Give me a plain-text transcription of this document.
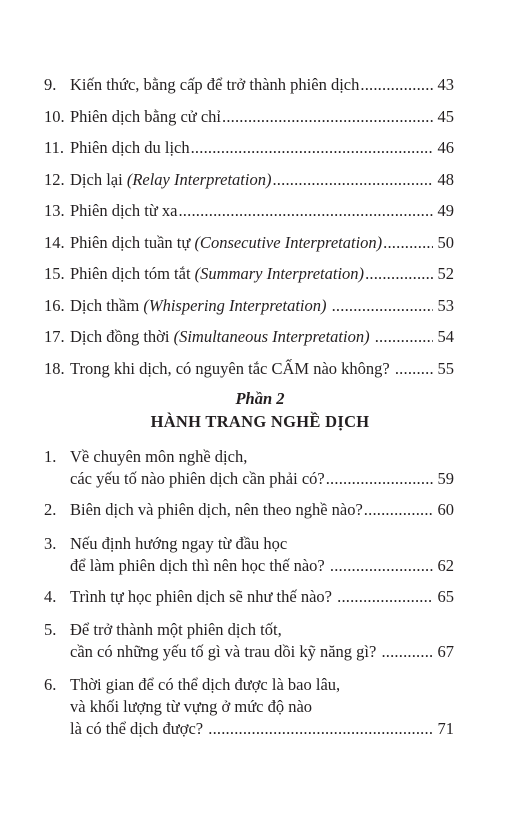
9. Kiến thức, bằng cấp để trở thành phiên dịch .....	43
10. Phiên dịch bằng cử chỉ .....	45
11. Phiên dịch du lịch .....	46
12. Dịch lại (Relay Interpretation) .....	48
13. Phiên dịch từ xa .....	49
14. Phiên dịch tuần tự (Consecutive Interpretation) .....	50
15. Phiên dịch tóm tắt (Summary Interpretation) .....	52
16. Dịch thầm (Whispering Interpretation) .....	53
17. Dịch đồng thời (Simultaneous Interpretation) .....	54
18. Trong khi dịch, có nguyên tắc CẤM nào không? .....	55
1. Về chuyên môn nghề dịch,
các yếu tố nào phiên dịch cần phải có? .....	59
2. Biên dịch và phiên dịch, nên theo nghề nào? .....	60
3. Nếu định hướng ngay từ đầu học
để làm phiên dịch thì nên học thế nào? .....	62
4. Trình tự học phiên dịch sẽ như thế nào? .....	65
5. Để trở thành một phiên dịch tốt,
cần có những yếu tố gì và trau dồi kỹ năng gì? .....	67
6. Thời gian để có thể dịch được là bao lâu,
và khối lượng từ vựng ở mức độ nào
là có thể dịch được? .....	71
Phần 2
HÀNH TRANG NGHỀ DỊCH
